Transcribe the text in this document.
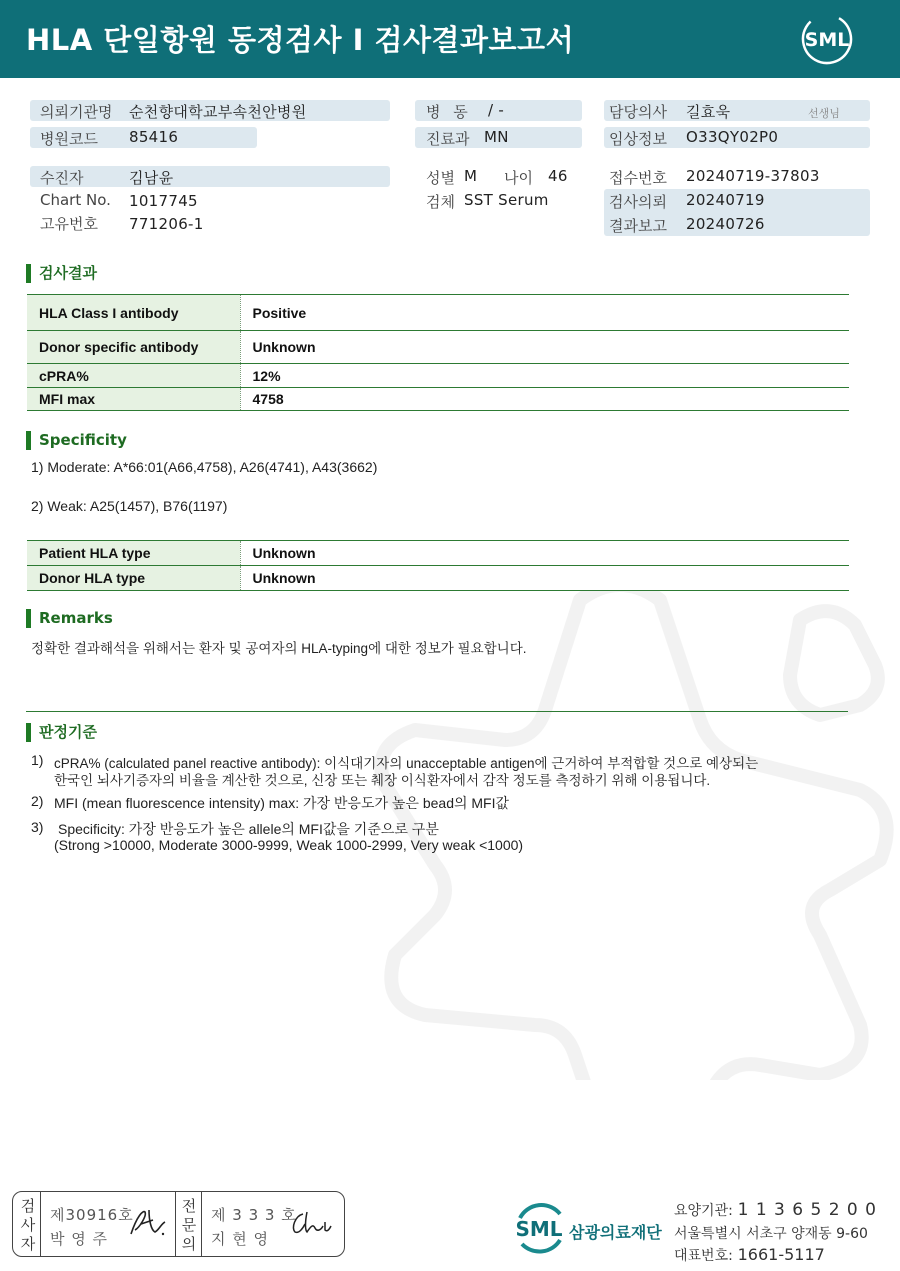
HLA 단일항원 동정검사 I 검사결과보고서	SML
의뢰기관명 순천향대학교부속천안병원	병 동 / -	담당의사 길효욱	선생님
병원코드 85416	진료과 MN	임상정보 O33QY02P0
수진자	김남윤
Chart No. 1017745
고유번호 771206-1
성별 M 나이 46
검체 SST Serum
접수번호 20240719-37803
검사의뢰 20240719
결과보고 20240726
검사결과
HLA Class I antibody	Positive
Donor specific antibody	Unknown
cPRA%	12%
MFI max	4758
Specificity
1) Moderate: A*66:01(A66,4758), A26(4741), A43(3662)
2) Weak: A25(1457), B76(1197)
Patient HLA type	Unknown
Donor HLA type	Unknown
Remarks
정확한 결과해석을 위해서는 환자 및 공여자의 HLA-typing에 대한 정보가 필요합니다.
판정기준
1) cPRA% (calculated panel reactive antibody): 이식대기자의 unacceptable antigen에 근거하여 부적합할 것으로 예상되는
한국인 뇌사기증자의 비율을 계산한 것으로, 신장 또는 췌장 이식환자에서 감작 정도를 측정하기 위해 이용됩니다.
2) MFI (mean fluorescence intensity) max: 가장 반응도가 높은 bead의 MFI값
3) Specificity: 가장 반응도가 높은 allele의 MFI값을 기준으로 구분
(Strong >10000, Moderate 3000-9999, Weak 1000-2999, Very weak <1000)
검사자
제30916호
박 영 주
전문의
제 3 3 3 호
지 현 영	SML 삼광의료재단
요양기관: 1 1 3 6 5 2 0 0
서울특별시 서초구 양재동 9-60
대표번호: 1661-5117
